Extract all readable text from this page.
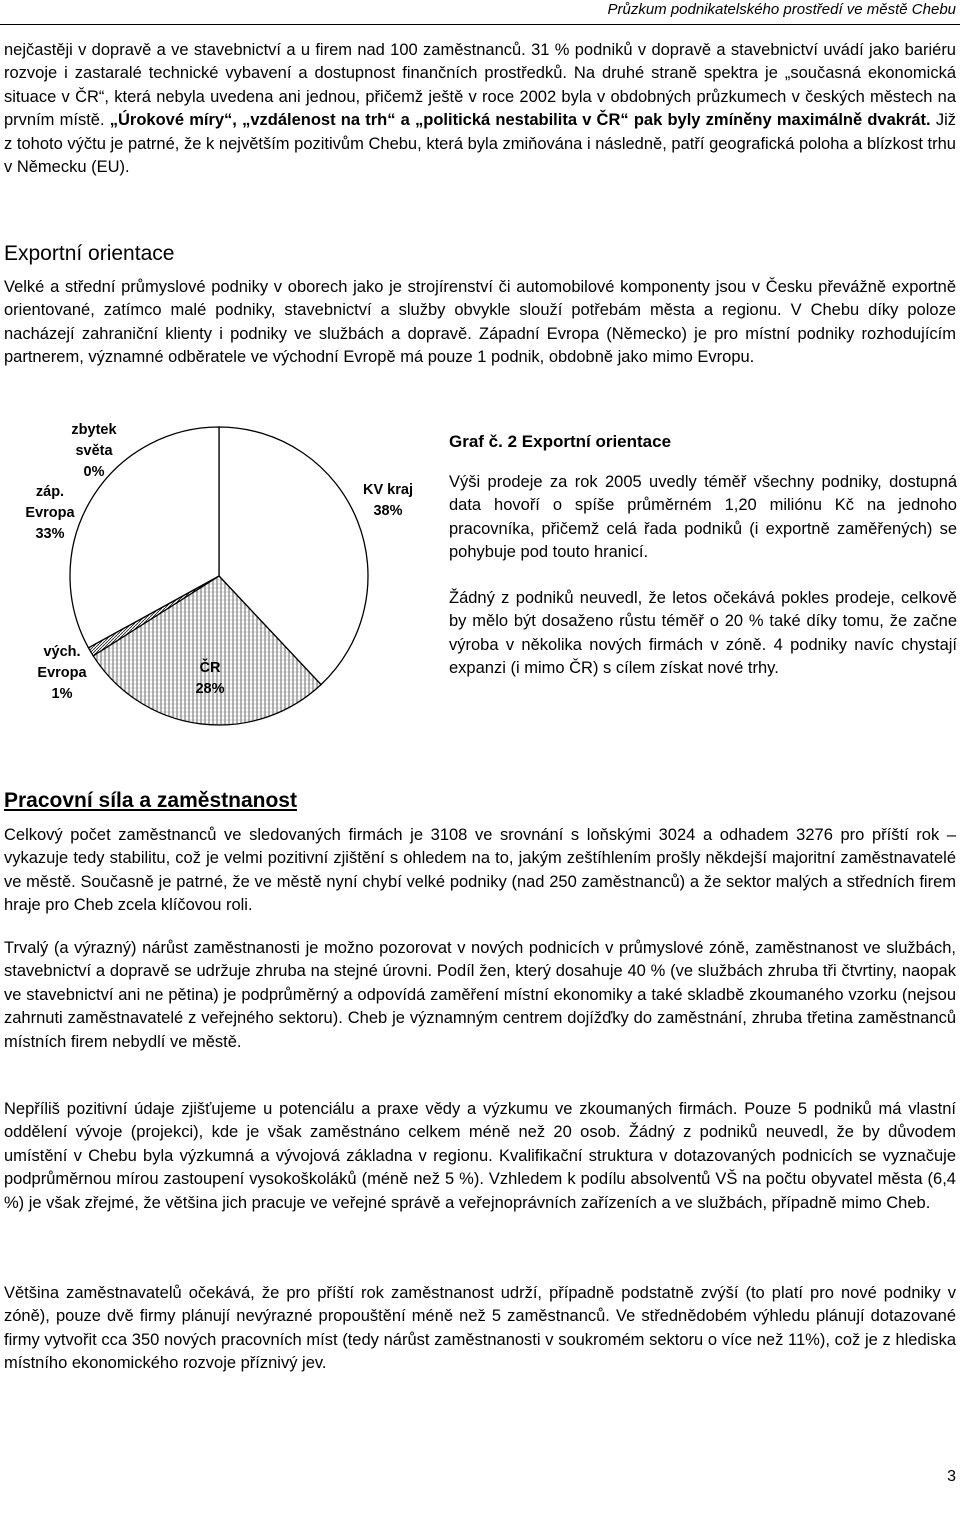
Průzkum podnikatelského prostředí ve městě Chebu

nejčastěji v dopravě a ve stavebnictví a u firem nad 100 zaměstnanců. 31 % podniků v dopravě a stavebnictví uvádí jako bariéru rozvoje i zastaralé technické vybavení a dostupnost finančních prostředků. Na druhé straně spektra je „současná ekonomická situace v ČR“, která nebyla uvedena ani jednou, přičemž ještě v roce 2002 byla v obdobných průzkumech v českých městech na prvním místě. „Úrokové míry“, „vzdálenost na trh“ a „politická nestabilita v ČR“ pak byly zmíněny maximálně dvakrát. Již z tohoto výčtu je patrné, že k největším pozitivům Chebu, která byla zmiňována i následně, patří geografická poloha a blízkost trhu v Německu (EU).

Exportní orientace

Velké a střední průmyslové podniky v oborech jako je strojírenství či automobilové komponenty jsou v Česku převážně exportně orientované, zatímco malé podniky, stavebnictví a služby obvykle slouží potřebám města a regionu. V Chebu díky poloze nacházejí zahraniční klienty i podniky ve službách a dopravě. Západní Evropa (Německo) je pro místní podniky rozhodujícím partnerem, významné odběratele ve východní Evropě má pouze 1 podnik, obdobně jako mimo Evropu.

KV kraj 38%
ČR 28%
vých. Evropa 1%
záp. Evropa 33%
zbytek světa 0%
Graf č. 2 Exportní orientace

Výši prodeje za rok 2005 uvedly téměř všechny podniky, dostupná data hovoří o spíše průměrném 1,20 miliónu Kč na jednoho pracovníka, přičemž celá řada podniků (i exportně zaměřených) se pohybuje pod touto hranicí.

Žádný z podniků neuvedl, že letos očekává pokles prodeje, celkově by mělo být dosaženo růstu téměř o 20 % také díky tomu, že začne výroba v několika nových firmách v zóně. 4 podniky navíc chystají expanzi (i mimo ČR) s cílem získat nové trhy.

Pracovní síla a zaměstnanost

Celkový počet zaměstnanců ve sledovaných firmách je 3108 ve srovnání s loňskými 3024 a odhadem 3276 pro příští rok – vykazuje tedy stabilitu, což je velmi pozitivní zjištění s ohledem na to, jakým zeštíhlením prošly někdejší majoritní zaměstnavatelé ve městě. Současně je patrné, že ve městě nyní chybí velké podniky (nad 250 zaměstnanců) a že sektor malých a středních firem hraje pro Cheb zcela klíčovou roli.

Trvalý (a výrazný) nárůst zaměstnanosti je možno pozorovat v nových podnicích v průmyslové zóně, zaměstnanost ve službách, stavebnictví a dopravě se udržuje zhruba na stejné úrovni. Podíl žen, který dosahuje 40 % (ve službách zhruba tři čtvrtiny, naopak ve stavebnictví ani ne pětina) je podprůměrný a odpovídá zaměření místní ekonomiky a také skladbě zkoumaného vzorku (nejsou zahrnuti zaměstnavatelé z veřejného sektoru). Cheb je významným centrem dojížďky do zaměstnání, zhruba třetina zaměstnanců místních firem nebydlí ve městě.

Nepříliš pozitivní údaje zjišťujeme u potenciálu a praxe vědy a výzkumu ve zkoumaných firmách. Pouze 5 podniků má vlastní oddělení vývoje (projekci), kde je však zaměstnáno celkem méně než 20 osob. Žádný z podniků neuvedl, že by důvodem umístění v Chebu byla výzkumná a vývojová základna v regionu. Kvalifikační struktura v dotazovaných podnicích se vyznačuje podprůměrnou mírou zastoupení vysokoškoláků (méně než 5 %). Vzhledem k podílu absolventů VŠ na počtu obyvatel města (6,4 %) je však zřejmé, že většina jich pracuje ve veřejné správě a veřejnoprávních zařízeních a ve službách, případně mimo Cheb.

Většina zaměstnavatelů očekává, že pro příští rok zaměstnanost udrží, případně podstatně zvýší (to platí pro nové podniky v zóně), pouze dvě firmy plánují nevýrazné propouštění méně než 5 zaměstnanců. Ve střednědobém výhledu plánují dotazované firmy vytvořit cca 350 nových pracovních míst (tedy nárůst zaměstnanosti v soukromém sektoru o více než 11%), což je z hlediska místního ekonomického rozvoje příznivý jev.

3
